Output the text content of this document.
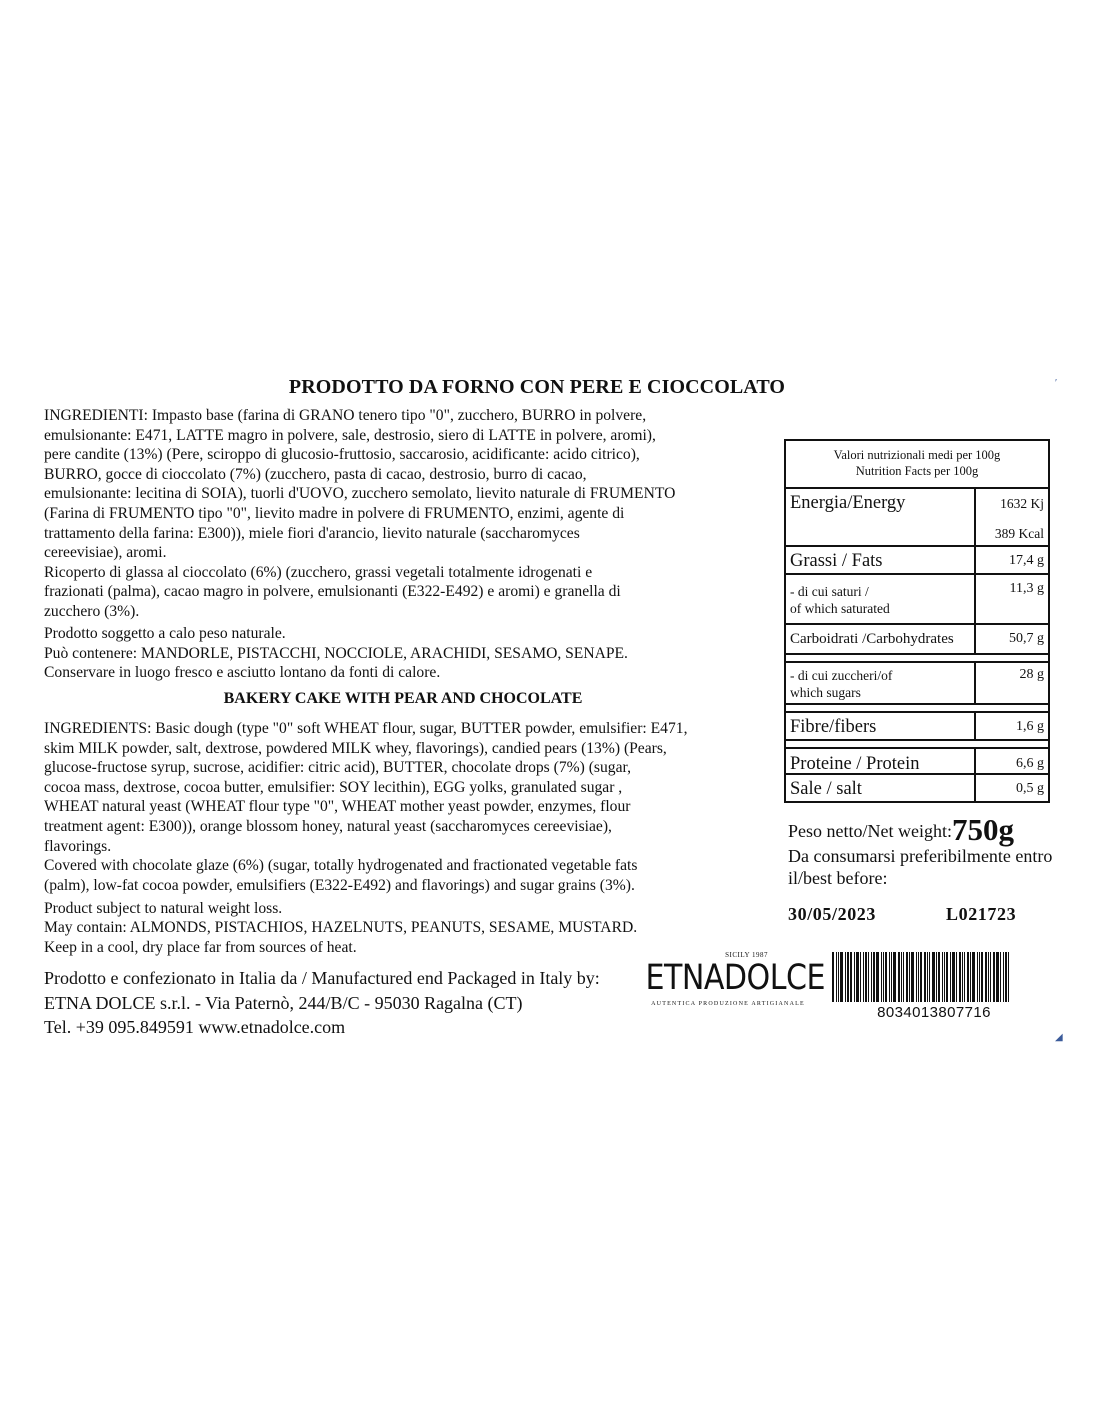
PRODOTTO DA FORNO CON PERE E CIOCCOLATO
INGREDIENTI: Impasto base (farina di GRANO tenero tipo "0", zucchero, BURRO in polvere,
emulsionante: E471, LATTE magro in polvere, sale, destrosio, siero di LATTE in polvere, aromi),
pere candite (13%) (Pere, sciroppo di glucosio-fruttosio, saccarosio, acidificante: acido citrico),
BURRO, gocce di cioccolato (7%) (zucchero, pasta di cacao, destrosio, burro di cacao,
emulsionante: lecitina di SOIA), tuorli d'UOVO, zucchero semolato, lievito naturale di FRUMENTO
(Farina di FRUMENTO tipo "0", lievito madre in polvere di FRUMENTO, enzimi, agente di
trattamento della farina: E300)), miele fiori d'arancio, lievito naturale (saccharomyces
cereevisiae), aromi.
Ricoperto di glassa al cioccolato (6%) (zucchero, grassi vegetali totalmente idrogenati e
frazionati (palma), cacao magro in polvere, emulsionanti (E322-E492) e aromi) e granella di
zucchero (3%).
Prodotto soggetto a calo peso naturale.
Può contenere: MANDORLE, PISTACCHI, NOCCIOLE, ARACHIDI, SESAMO, SENAPE.
Conservare in luogo fresco e asciutto lontano da fonti di calore.
BAKERY CAKE WITH PEAR AND CHOCOLATE
INGREDIENTS: Basic dough (type "0" soft WHEAT flour, sugar, BUTTER powder, emulsifier: E471,
skim MILK powder, salt, dextrose, powdered MILK whey, flavorings), candied pears (13%) (Pears,
glucose-fructose syrup, sucrose, acidifier: citric acid), BUTTER, chocolate drops (7%) (sugar,
cocoa mass, dextrose, cocoa butter, emulsifier: SOY lecithin), EGG yolks, granulated sugar ,
WHEAT natural yeast (WHEAT flour type "0", WHEAT mother yeast powder, enzymes, flour
treatment agent: E300)), orange blossom honey, natural yeast (saccharomyces cereevisiae),
flavorings.
Covered with chocolate glaze (6%) (sugar, totally hydrogenated and fractionated vegetable fats
(palm), low-fat cocoa powder, emulsifiers (E322-E492) and flavorings) and sugar grains (3%).
Product subject to natural weight loss.
May contain: ALMONDS, PISTACHIOS, HAZELNUTS, PEANUTS, SESAME, MUSTARD.
Keep in a cool, dry place far from sources of heat.
Prodotto e confezionato in Italia da / Manufactured end Packaged in Italy by:
ETNA DOLCE s.r.l. - Via Paternò, 244/B/C - 95030 Ragalna (CT)
Tel. +39 095.849591 www.etnadolce.com
Valori nutrizionali medi per 100g
Nutrition Facts per 100g
Energia/Energy	1632 Kj
389 Kcal
Grassi / Fats	17,4 g
- di cui saturi /
of which saturated
11,3 g
Carboidrati /Carbohydrates	50,7 g
- di cui zuccheri/of
which sugars
28 g
Fibre/fibers	1,6 g
Proteine / Protein	6,6 g
Sale / salt	0,5 g
Peso netto/Net weight:750g
Da consumarsi preferibilmente entro il/best before:
30/05/2023	L021723
SICILY 1987
ETNADOLCE
AUTENTICA PRODUZIONE ARTIGIANALE	8034013807716
′
◢
